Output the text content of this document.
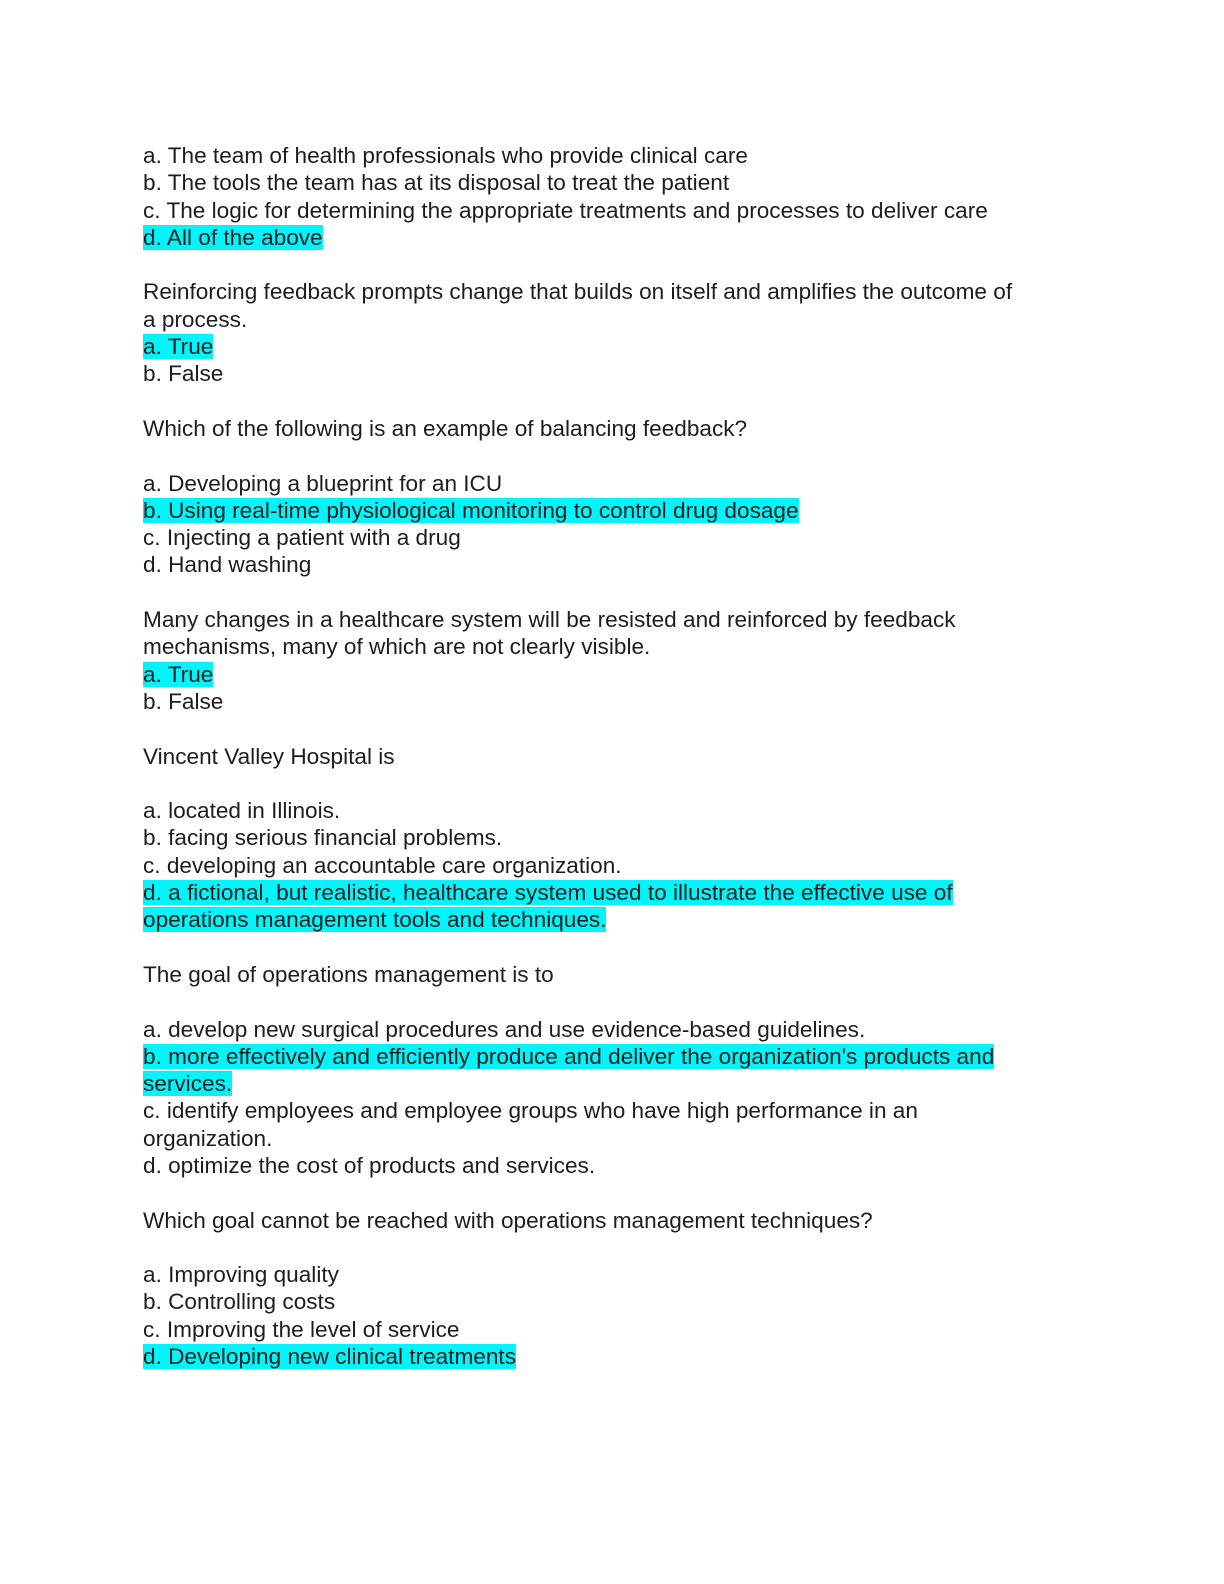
a. The team of health professionals who provide clinical care
b. The tools the team has at its disposal to treat the patient
c. The logic for determining the appropriate treatments and processes to deliver care
d. All of the above
Reinforcing feedback prompts change that builds on itself and amplifies the outcome of
a process.
a. True
b. False
Which of the following is an example of balancing feedback?
a. Developing a blueprint for an ICU
b. Using real-time physiological monitoring to control drug dosage
c. Injecting a patient with a drug
d. Hand washing
Many changes in a healthcare system will be resisted and reinforced by feedback
mechanisms, many of which are not clearly visible.
a. True
b. False
Vincent Valley Hospital is
a. located in Illinois.
b. facing serious financial problems.
c. developing an accountable care organization.
d. a fictional, but realistic, healthcare system used to illustrate the effective use of
operations management tools and techniques.
The goal of operations management is to
a. develop new surgical procedures and use evidence-based guidelines.
b. more effectively and efficiently produce and deliver the organization's products and
services.
c. identify employees and employee groups who have high performance in an
organization.
d. optimize the cost of products and services.
Which goal cannot be reached with operations management techniques?
a. Improving quality
b. Controlling costs
c. Improving the level of service
d. Developing new clinical treatments
